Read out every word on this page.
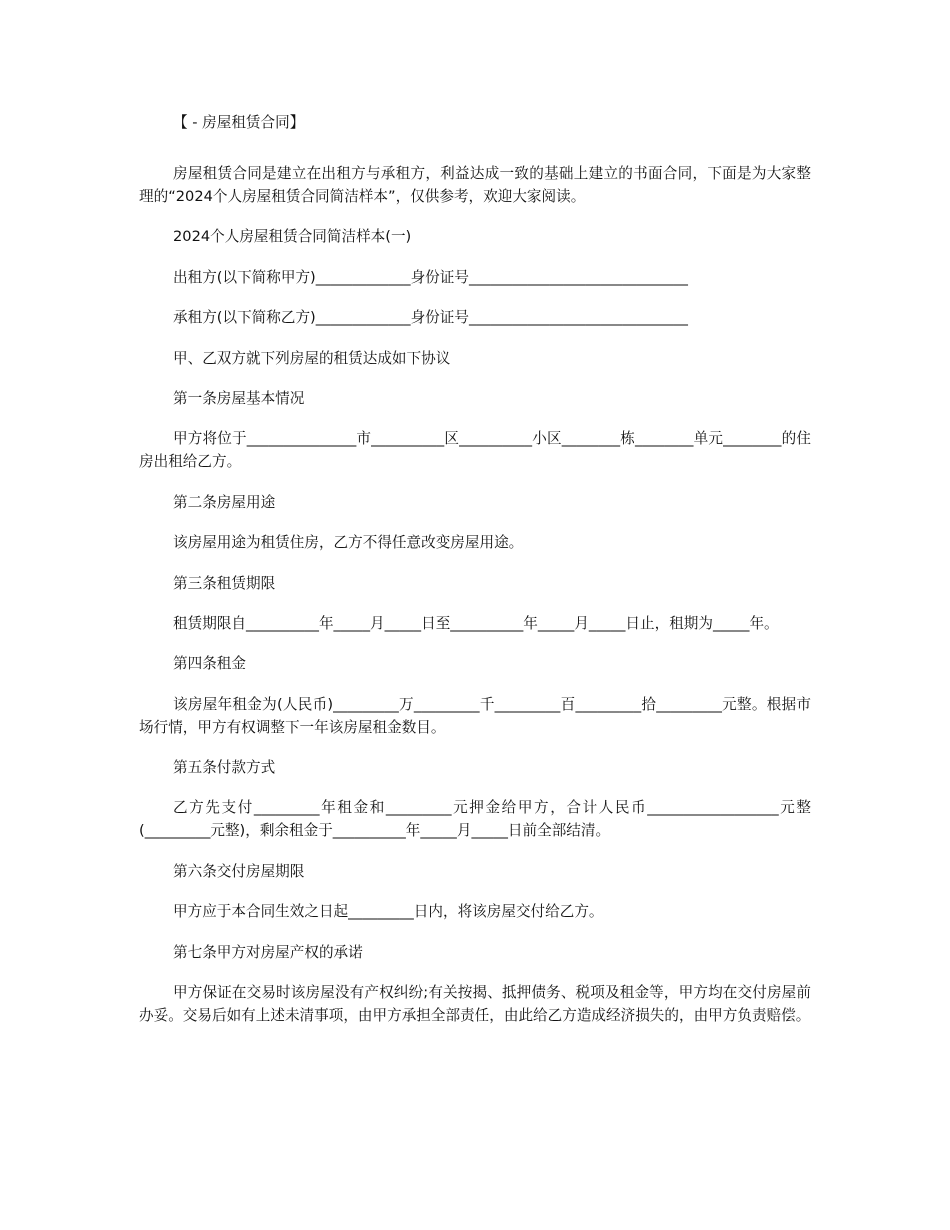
【 - 房屋租赁合同】

房屋租赁合同是建立在出租方与承租方，利益达成一致的基础上建立的书面合同，下面是为大家整理的“2024个人房屋租赁合同简洁样本”，仅供参考，欢迎大家阅读。

2024个人房屋租赁合同简洁样本(一)

出租方(以下简称甲方)_____________身份证号______________________________

承租方(以下简称乙方)_____________身份证号______________________________

甲、乙双方就下列房屋的租赁达成如下协议

第一条房屋基本情况

甲方将位于_______________市__________区__________小区________栋________单元________的住房出租给乙方。

第二条房屋用途

该房屋用途为租赁住房，乙方不得任意改变房屋用途。

第三条租赁期限

租赁期限自__________年_____月_____日至__________年_____月_____日止，租期为_____年。

第四条租金

该房屋年租金为(人民币)_________万_________千_________百_________拾_________元整。根据市场行情，甲方有权调整下一年该房屋租金数目。

第五条付款方式

乙方先支付_________年租金和_________元押金给甲方，合计人民币__________________元整(_________元整)，剩余租金于__________年_____月_____日前全部结清。

第六条交付房屋期限

甲方应于本合同生效之日起_________日内，将该房屋交付给乙方。

第七条甲方对房屋产权的承诺

甲方保证在交易时该房屋没有产权纠纷;有关按揭、抵押债务、税项及租金等，甲方均在交付房屋前办妥。交易后如有上述未清事项，由甲方承担全部责任，由此给乙方造成经济损失的，由甲方负责赔偿。
